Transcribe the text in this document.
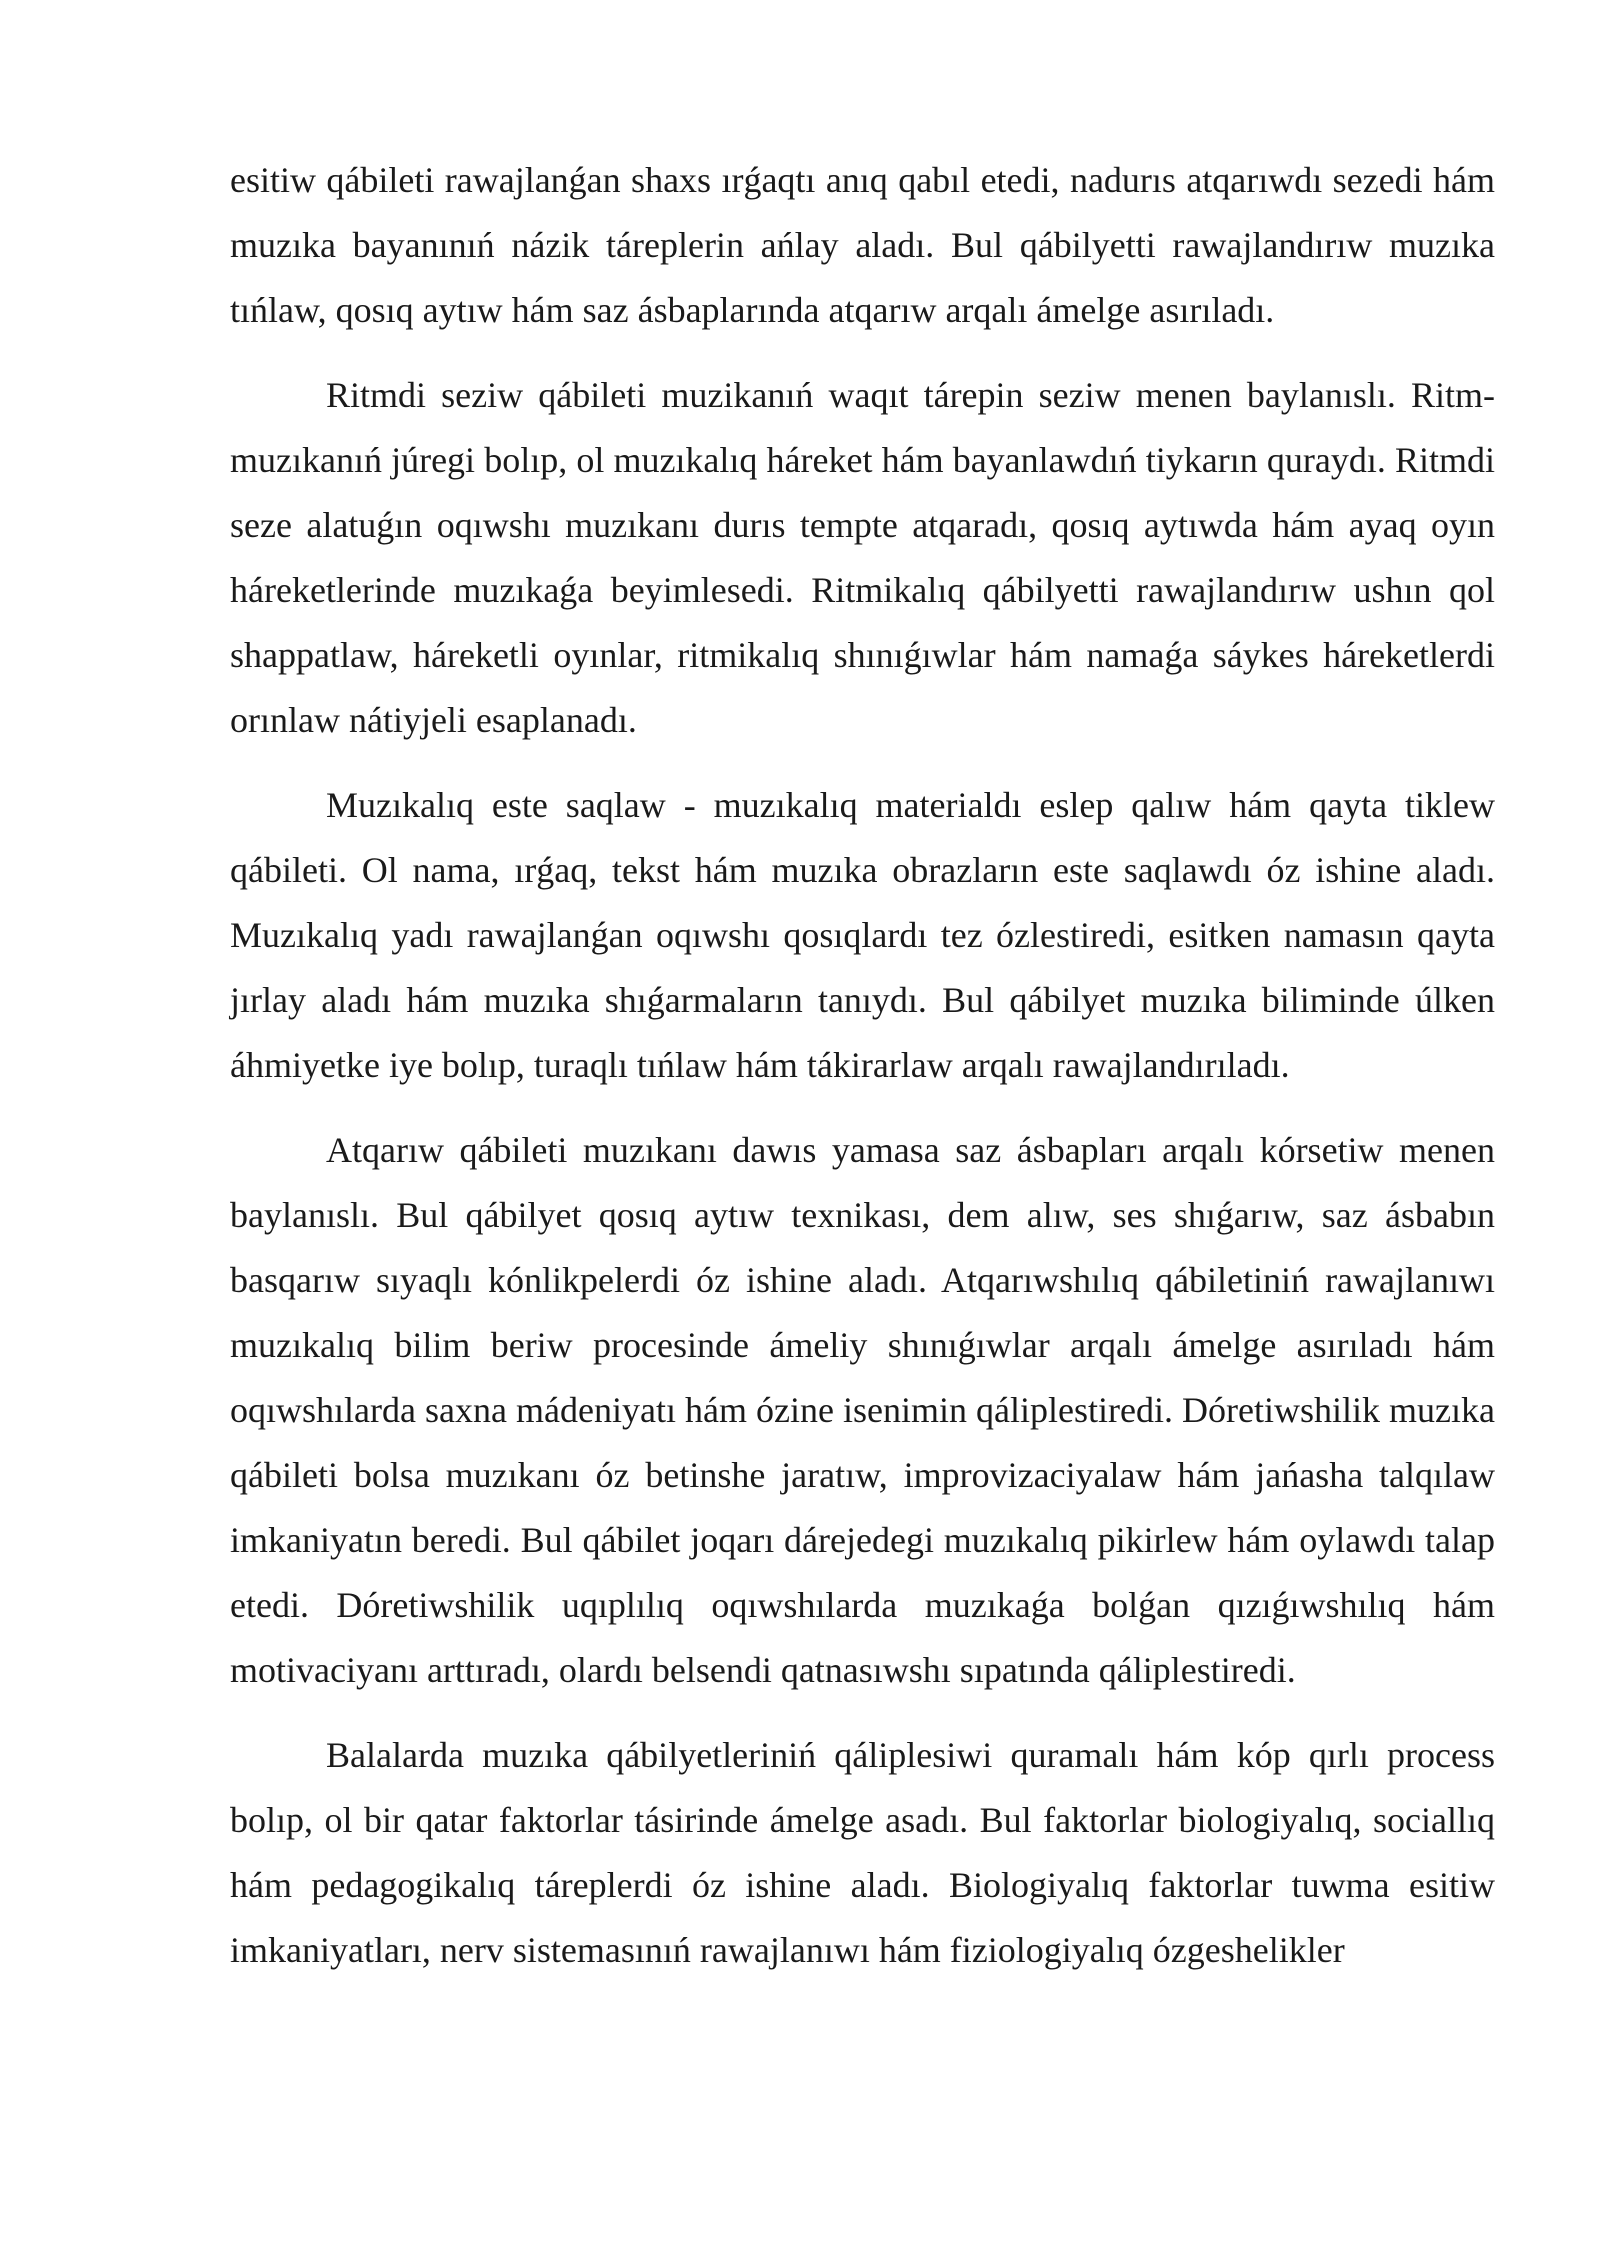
esitiw qábileti rawajlanǵan shaxs ırǵaqtı anıq qabıl etedi, nadurıs atqarıwdı sezedi hám muzıka bayanınıń názik táreplerin ańlay aladı. Bul qábilyetti rawajlandırıw muzıka tıńlaw, qosıq aytıw hám saz ásbaplarında atqarıw arqalı ámelge asırıladı.

Ritmdi seziw qábileti muzikanıń waqıt tárepin seziw menen baylanıslı. Ritm- muzıkanıń júregi bolıp, ol muzıkalıq háreket hám bayanlawdıń tiykarın quraydı. Ritmdi seze alatuǵın oqıwshı muzıkanı durıs tempte atqaradı, qosıq aytıwda hám ayaq oyın háreketlerinde muzıkaǵa beyimlesedi. Ritmikalıq qábilyetti rawajlandırıw ushın qol shappatlaw, háreketli oyınlar, ritmikalıq shınıǵıwlar hám namaǵa sáykes háreketlerdi orınlaw nátiyjeli esaplanadı.

Muzıkalıq este saqlaw - muzıkalıq materialdı eslep qalıw hám qayta tiklew qábileti. Ol nama, ırǵaq, tekst hám muzıka obrazların este saqlawdı óz ishine aladı. Muzıkalıq yadı rawajlanǵan oqıwshı qosıqlardı tez ózlestiredi, esitken namasın qayta jırlay aladı hám muzıka shıǵarmaların tanıydı. Bul qábilyet muzıka biliminde úlken áhmiyetke iye bolıp, turaqlı tıńlaw hám tákirarlaw arqalı rawajlandırıladı.

Atqarıw qábileti muzıkanı dawıs yamasa saz ásbapları arqalı kórsetiw menen baylanıslı. Bul qábilyet qosıq aytıw texnikası, dem alıw, ses shıǵarıw, saz ásbabın basqarıw sıyaqlı kónlikpelerdi óz ishine aladı. Atqarıwshılıq qábiletiniń rawajlanıwı muzıkalıq bilim beriw procesinde ámeliy shınıǵıwlar arqalı ámelge asırıladı hám oqıwshılarda saxna mádeniyatı hám ózine isenimin qáliplestiredi. Dóretiwshilik muzıka qábileti bolsa muzıkanı óz betinshe jaratıw, improvizaciyalaw hám jańasha talqılaw imkaniyatın beredi. Bul qábilet joqarı dárejedegi muzıkalıq pikirlew hám oylawdı talap etedi. Dóretiwshilik uqıplılıq oqıwshılarda muzıkaǵa bolǵan qızıǵıwshılıq hám motivaciyanı arttıradı, olardı belsendi qatnasıwshı sıpatında qáliplestiredi.

Balalarda muzıka qábilyetleriniń qáliplesiwi quramalı hám kóp qırlı process bolıp, ol bir qatar faktorlar tásirinde ámelge asadı. Bul faktorlar biologiyalıq, sociallıq hám pedagogikalıq táreplerdi óz ishine aladı. Biologiyalıq faktorlar tuwma esitiw imkaniyatları, nerv sistemasınıń rawajlanıwı hám fiziologiyalıq ózgeshelikler
